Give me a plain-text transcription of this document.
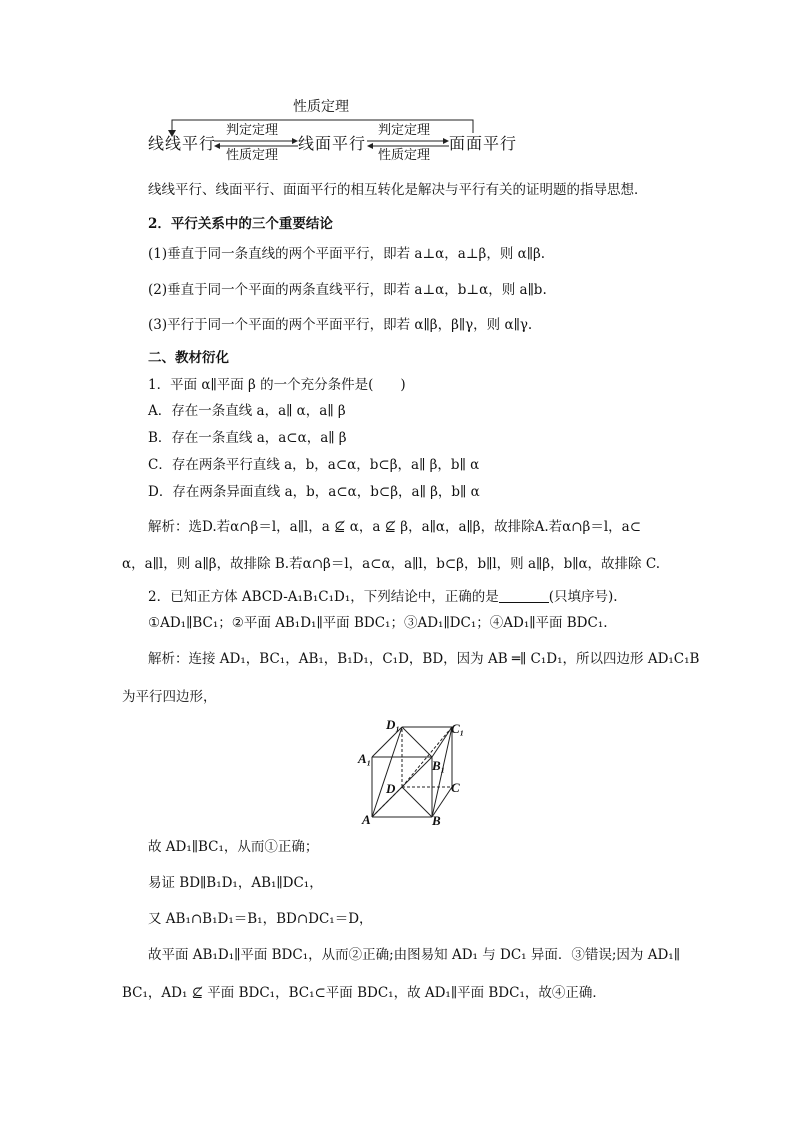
性质定理
线线平行	线面平行	面面平行
判定定理
性质定理
判定定理
性质定理
线线平行、线面平行、面面平行的相互转化是解决与平行有关的证明题的指导思想．
2．平行关系中的三个重要结论
(1)垂直于同一条直线的两个平面平行，即若 a⊥α，a⊥β，则 α∥β.
(2)垂直于同一个平面的两条直线平行，即若 a⊥α，b⊥α，则 a∥b.
(3)平行于同一个平面的两个平面平行，即若 α∥β，β∥γ，则 α∥γ.
二、教材衍化
1．平面 α∥平面 β 的一个充分条件是(　　)
A．存在一条直线 a，a∥ α，a∥ β
B．存在一条直线 a，a⊂α，a∥ β
C．存在两条平行直线 a，b，a⊂α，b⊂β，a∥ β，b∥ α
D．存在两条异面直线 a，b，a⊂α，b⊂β，a∥ β，b∥ α
解析：选D.若α∩β＝l，a∥l，a ⊈ α，a ⊈ β，a∥α，a∥β，故排除A.若α∩β＝l，a⊂
α，a∥l，则 a∥β，故排除 B.若α∩β＝l，a⊂α，a∥l，b⊂β，b∥l，则 a∥β，b∥α，故排除 C.
2．已知正方体 ABCD-A₁B₁C₁D₁，下列结论中，正确的是	(只填序号).
①AD₁∥BC₁；②平面 AB₁D₁∥平面 BDC₁；③AD₁∥DC₁；④AD₁∥平面 BDC₁.
解析：连接 AD₁，BC₁，AB₁，B₁D₁，C₁D，BD，因为 AB ═∥ C₁D₁，所以四边形 AD₁C₁B
为平行四边形，
D₁	C₁
A₁	B₁
D	C
A	B
故 AD₁∥BC₁，从而①正确；
易证 BD∥B₁D₁，AB₁∥DC₁，
又 AB₁∩B₁D₁＝B₁，BD∩DC₁＝D，
故平面 AB₁D₁∥平面 BDC₁，从而②正确;由图易知 AD₁ 与 DC₁ 异面．③错误;因为 AD₁∥
BC₁，AD₁ ⊈ 平面 BDC₁，BC₁⊂平面 BDC₁，故 AD₁∥平面 BDC₁，故④正确．
